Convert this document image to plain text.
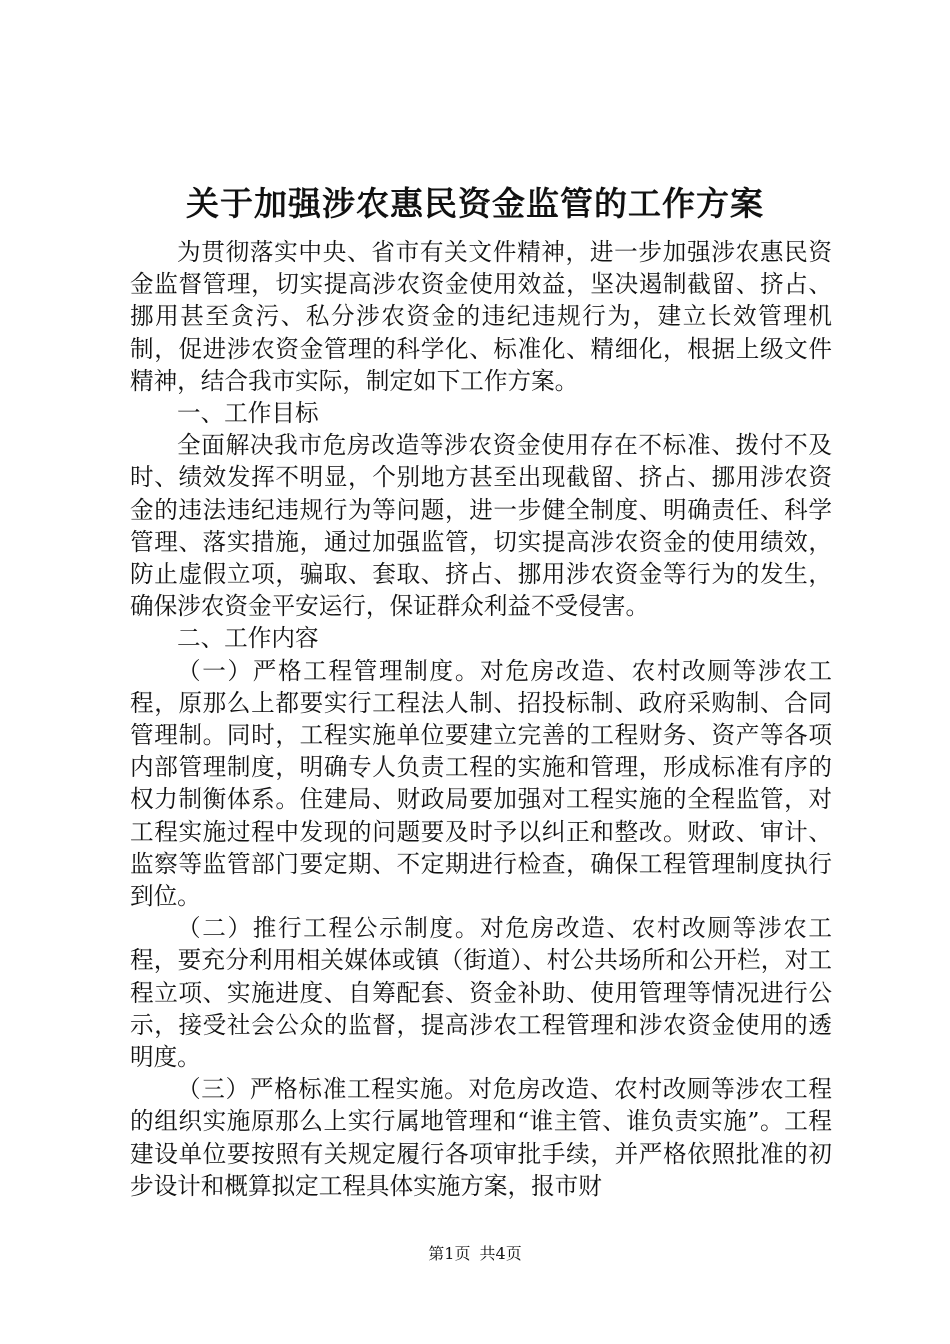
关于加强涉农惠民资金监管的工作方案

为贯彻落实中央、省市有关文件精神，进一步加强涉农惠民资金监督管理，切实提高涉农资金使用效益，坚决遏制截留、挤占、挪用甚至贪污、私分涉农资金的违纪违规行为，建立长效管理机制，促进涉农资金管理的科学化、标准化、精细化，根据上级文件精神，结合我市实际，制定如下工作方案。

一、工作目标

全面解决我市危房改造等涉农资金使用存在不标准、拨付不及时、绩效发挥不明显，个别地方甚至出现截留、挤占、挪用涉农资金的违法违纪违规行为等问题，进一步健全制度、明确责任、科学管理、落实措施，通过加强监管，切实提高涉农资金的使用绩效，防止虚假立项，骗取、套取、挤占、挪用涉农资金等行为的发生，确保涉农资金平安运行，保证群众利益不受侵害。

二、工作内容

（一）严格工程管理制度。对危房改造、农村改厕等涉农工程，原那么上都要实行工程法人制、招投标制、政府采购制、合同管理制。同时，工程实施单位要建立完善的工程财务、资产等各项内部管理制度，明确专人负责工程的实施和管理，形成标准有序的权力制衡体系。住建局、财政局要加强对工程实施的全程监管，对工程实施过程中发现的问题要及时予以纠正和整改。财政、审计、监察等监管部门要定期、不定期进行检查，确保工程管理制度执行到位。

（二）推行工程公示制度。对危房改造、农村改厕等涉农工程，要充分利用相关媒体或镇（街道）、村公共场所和公开栏，对工程立项、实施进度、自筹配套、资金补助、使用管理等情况进行公示，接受社会公众的监督，提高涉农工程管理和涉农资金使用的透明度。

（三）严格标准工程实施。对危房改造、农村改厕等涉农工程的组织实施原那么上实行属地管理和“谁主管、谁负责实施”。工程建设单位要按照有关规定履行各项审批手续，并严格依照批准的初步设计和概算拟定工程具体实施方案，报市财

第1页 共4页
